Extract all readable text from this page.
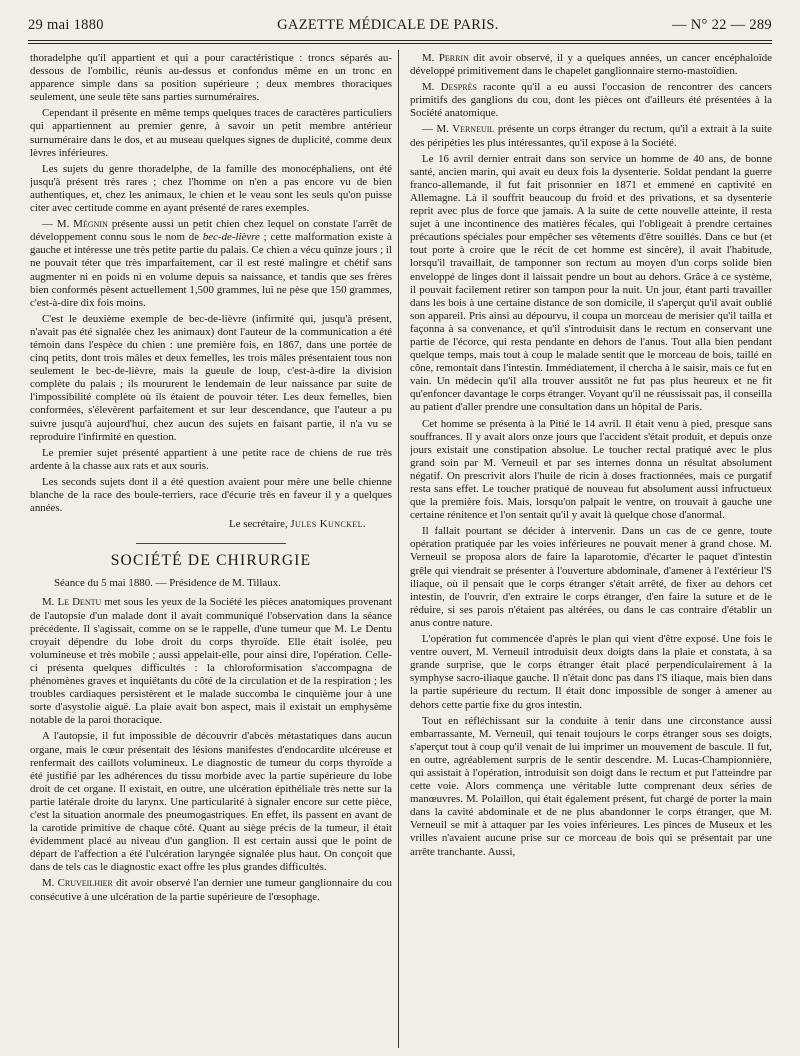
29 mai 1880	GAZETTE MÉDICALE DE PARIS.	— N° 22 — 289

thoradelphe qu'il appartient et qui a pour caractéristique : troncs séparés au-dessous de l'ombilic, réunis au-dessus et confondus même en un tronc en apparence simple dans sa position supérieure ; deux membres thoraciques seulement, une seule tête sans parties surnuméraires.

Cependant il présente en même temps quelques traces de caractères particuliers qui appartiennent au premier genre, à savoir un petit membre antérieur surnuméraire dans le dos, et au museau quelques signes de duplicité, comme deux lèvres inférieures.

Les sujets du genre thoradelphe, de la famille des monocéphaliens, ont été jusqu'à présent très rares ; chez l'homme on n'en a pas encore vu de bien authentiques, et, chez les animaux, le chien et le veau sont les seuls qu'on puisse citer avec certitude comme en ayant présenté de rares exemples.

— M. Mégnin présente aussi un petit chien chez lequel on constate l'arrêt de développement connu sous le nom de bec-de-lièvre ; cette malformation existe à gauche et intéresse une très petite partie du palais. Ce chien a vécu quinze jours ; il ne pouvait téter que très imparfaitement, car il est resté malingre et chétif sans augmenter ni en poids ni en volume depuis sa naissance, et tandis que ses frères bien conformés pèsent actuellement 1,500 grammes, lui ne pèse que 150 grammes, c'est-à-dire dix fois moins.

C'est le deuxième exemple de bec-de-lièvre (infirmité qui, jusqu'à présent, n'avait pas été signalée chez les animaux) dont l'auteur de la communication a été témoin dans l'espèce du chien : une première fois, en 1867, dans une portée de cinq petits, dont trois mâles et deux femelles, les trois mâles présentaient tous non seulement le bec-de-lièvre, mais la gueule de loup, c'est-à-dire la division complète du palais ; ils moururent le lendemain de leur naissance par suite de l'impossibilité complète où ils étaient de pouvoir téter. Les deux femelles, bien conformées, s'élevèrent parfaitement et sur leur descendance, que l'auteur a pu suivre jusqu'à aujourd'hui, chez aucun des sujets en faisant partie, il n'a vu se reproduire l'infirmité en question.

Le premier sujet présenté appartient à une petite race de chiens de rue très ardente à la chasse aux rats et aux souris.

Les seconds sujets dont il a été question avaient pour mère une belle chienne blanche de la race des boule-terriers, race d'écurie très en faveur il y a quelques années.

Le secrétaire, Jules Kunckel.
SOCIÉTÉ DE CHIRURGIE
Séance du 5 mai 1880. — Présidence de M. Tillaux.

M. Le Dentu met sous les yeux de la Société les pièces anatomiques provenant de l'autopsie d'un malade dont il avait communiqué l'observation dans la séance précédente. Il s'agissait, comme on se le rappelle, d'une tumeur que M. Le Dentu croyait dépendre du lobe droit du corps thyroïde. Elle était isolée, peu volumineuse et très mobile ; aussi appelait-elle, pour ainsi dire, l'opération. Celle-ci présenta quelques difficultés : la chloroformisation s'accompagna de phénomènes graves et inquiétants du côté de la circulation et de la respiration ; les troubles cardiaques persistèrent et le malade succomba le cinquième jour à une sorte d'asystolie aiguë. La plaie avait bon aspect, mais il existait un emphysème notable de la paroi thoracique.

A l'autopsie, il fut impossible de découvrir d'abcès métastatiques dans aucun organe, mais le cœur présentait des lésions manifestes d'endocardite ulcéreuse et renfermait des caillots volumineux. Le diagnostic de tumeur du corps thyroïde a été justifié par les adhérences du tissu morbide avec la partie supérieure du lobe droit de cet organe. Il existait, en outre, une ulcération épithéliale très nette sur la partie latérale droite du larynx. Une particularité à signaler encore sur cette pièce, c'est la situation anormale des pneumogastriques. En effet, ils passent en avant de la carotide primitive de chaque côté. Quant au siège précis de la tumeur, il était évidemment placé au niveau d'un ganglion. Il est certain aussi que le point de départ de l'affection a été l'ulcération laryngée signalée plus haut. On conçoit que dans de tels cas le diagnostic exact offre les plus grandes difficultés.

M. Cruveilhier dit avoir observé l'an dernier une tumeur ganglionnaire du cou consécutive à une ulcération de la partie supérieure de l'œsophage.

M. Perrin dit avoir observé, il y a quelques années, un cancer encéphaloïde développé primitivement dans le chapelet ganglionnaire sterno-mastoïdien.

M. Desprès raconte qu'il a eu aussi l'occasion de rencontrer des cancers primitifs des ganglions du cou, dont les pièces ont d'ailleurs été présentées à la Société anatomique.

— M. Verneuil présente un corps étranger du rectum, qu'il a extrait à la suite des péripéties les plus intéressantes, qu'il expose à la Société.

Le 16 avril dernier entrait dans son service un homme de 40 ans, de bonne santé, ancien marin, qui avait eu deux fois la dysenterie. Soldat pendant la guerre franco-allemande, il fut fait prisonnier en 1871 et emmené en captivité en Allemagne. Là il souffrit beaucoup du froid et des privations, et sa dysenterie reprit avec plus de force que jamais. A la suite de cette nouvelle atteinte, il resta sujet à une incontinence des matières fécales, qui l'obligeait à prendre certaines précautions spéciales pour empêcher ses vêtements d'être souillés. Dans ce but (et tout porte à croire que le récit de cet homme est sincère), il avait l'habitude, lorsqu'il travaillait, de tamponner son rectum au moyen d'un corps solide bien enveloppé de linges dont il laissait pendre un bout au dehors. Grâce à ce système, il pouvait facilement retirer son tampon pour la nuit. Un jour, étant parti travailler dans les bois à une certaine distance de son domicile, il s'aperçut qu'il avait oublié son appareil. Pris ainsi au dépourvu, il coupa un morceau de merisier qu'il tailla et façonna à sa convenance, et qu'il s'introduisit dans le rectum en conservant une partie de l'écorce, qui resta pendante en dehors de l'anus. Tout alla bien pendant quelque temps, mais tout à coup le malade sentit que le morceau de bois, taillé en cône, remontait dans l'intestin. Immédiatement, il chercha à le saisir, mais ce fut en vain. Un médecin qu'il alla trouver aussitôt ne fut pas plus heureux et ne fit qu'enfoncer davantage le corps étranger. Voyant qu'il ne réussissait pas, il conseilla au patient d'aller prendre une consultation dans un hôpital de Paris.

Cet homme se présenta à la Pitié le 14 avril. Il était venu à pied, presque sans souffrances. Il y avait alors onze jours que l'accident s'était produit, et depuis onze jours existait une constipation absolue. Le toucher rectal pratiqué avec le plus grand soin par M. Verneuil et par ses internes donna un résultat absolument négatif. On prescrivit alors l'huile de ricin à doses fractionnées, mais ce purgatif resta sans effet. Le toucher pratiqué de nouveau fut absolument aussi infructueux que la première fois. Mais, lorsqu'on palpait le ventre, on trouvait à gauche une certaine rénitence et l'on sentait qu'il y avait là quelque chose d'anormal.

Il fallait pourtant se décider à intervenir. Dans un cas de ce genre, toute opération pratiquée par les voies inférieures ne pouvait mener à grand chose. M. Verneuil se proposa alors de faire la laparotomie, d'écarter le paquet d'intestin grêle qui viendrait se présenter à l'ouverture abdominale, d'amener à l'extérieur l'S iliaque, où il pensait que le corps étranger s'était arrêté, de fixer au dehors cet intestin, de l'ouvrir, d'en extraire le corps étranger, d'en faire la suture et de le réduire, si ses parois n'étaient pas altérées, ou dans le cas contraire d'établir un anus contre nature.

L'opération fut commencée d'après le plan qui vient d'être exposé. Une fois le ventre ouvert, M. Verneuil introduisit deux doigts dans la plaie et constata, à sa grande surprise, que le corps étranger était placé perpendiculairement à la symphyse sacro-iliaque gauche. Il n'était donc pas dans l'S iliaque, mais bien dans la partie supérieure du rectum. Il était donc impossible de songer à amener au dehors cette partie fixe du gros intestin.

Tout en réfléchissant sur la conduite à tenir dans une circonstance aussi embarrassante, M. Verneuil, qui tenait toujours le corps étranger sous ses doigts, s'aperçut tout à coup qu'il venait de lui imprimer un mouvement de bascule. Il fut, en outre, agréablement surpris de le sentir descendre. M. Lucas-Championnière, qui assistait à l'opération, introduisit son doigt dans le rectum et put l'atteindre par cette voie. Alors commença une véritable lutte comprenant deux séries de manœuvres. M. Polaillon, qui était également présent, fut chargé de porter la main dans la cavité abdominale et de ne plus abandonner le corps étranger, que M. Verneuil se mit à attaquer par les voies inférieures. Les pinces de Museux et les vrilles n'avaient aucune prise sur ce morceau de bois qui se présentait par une arrête tranchante. Aussi,
